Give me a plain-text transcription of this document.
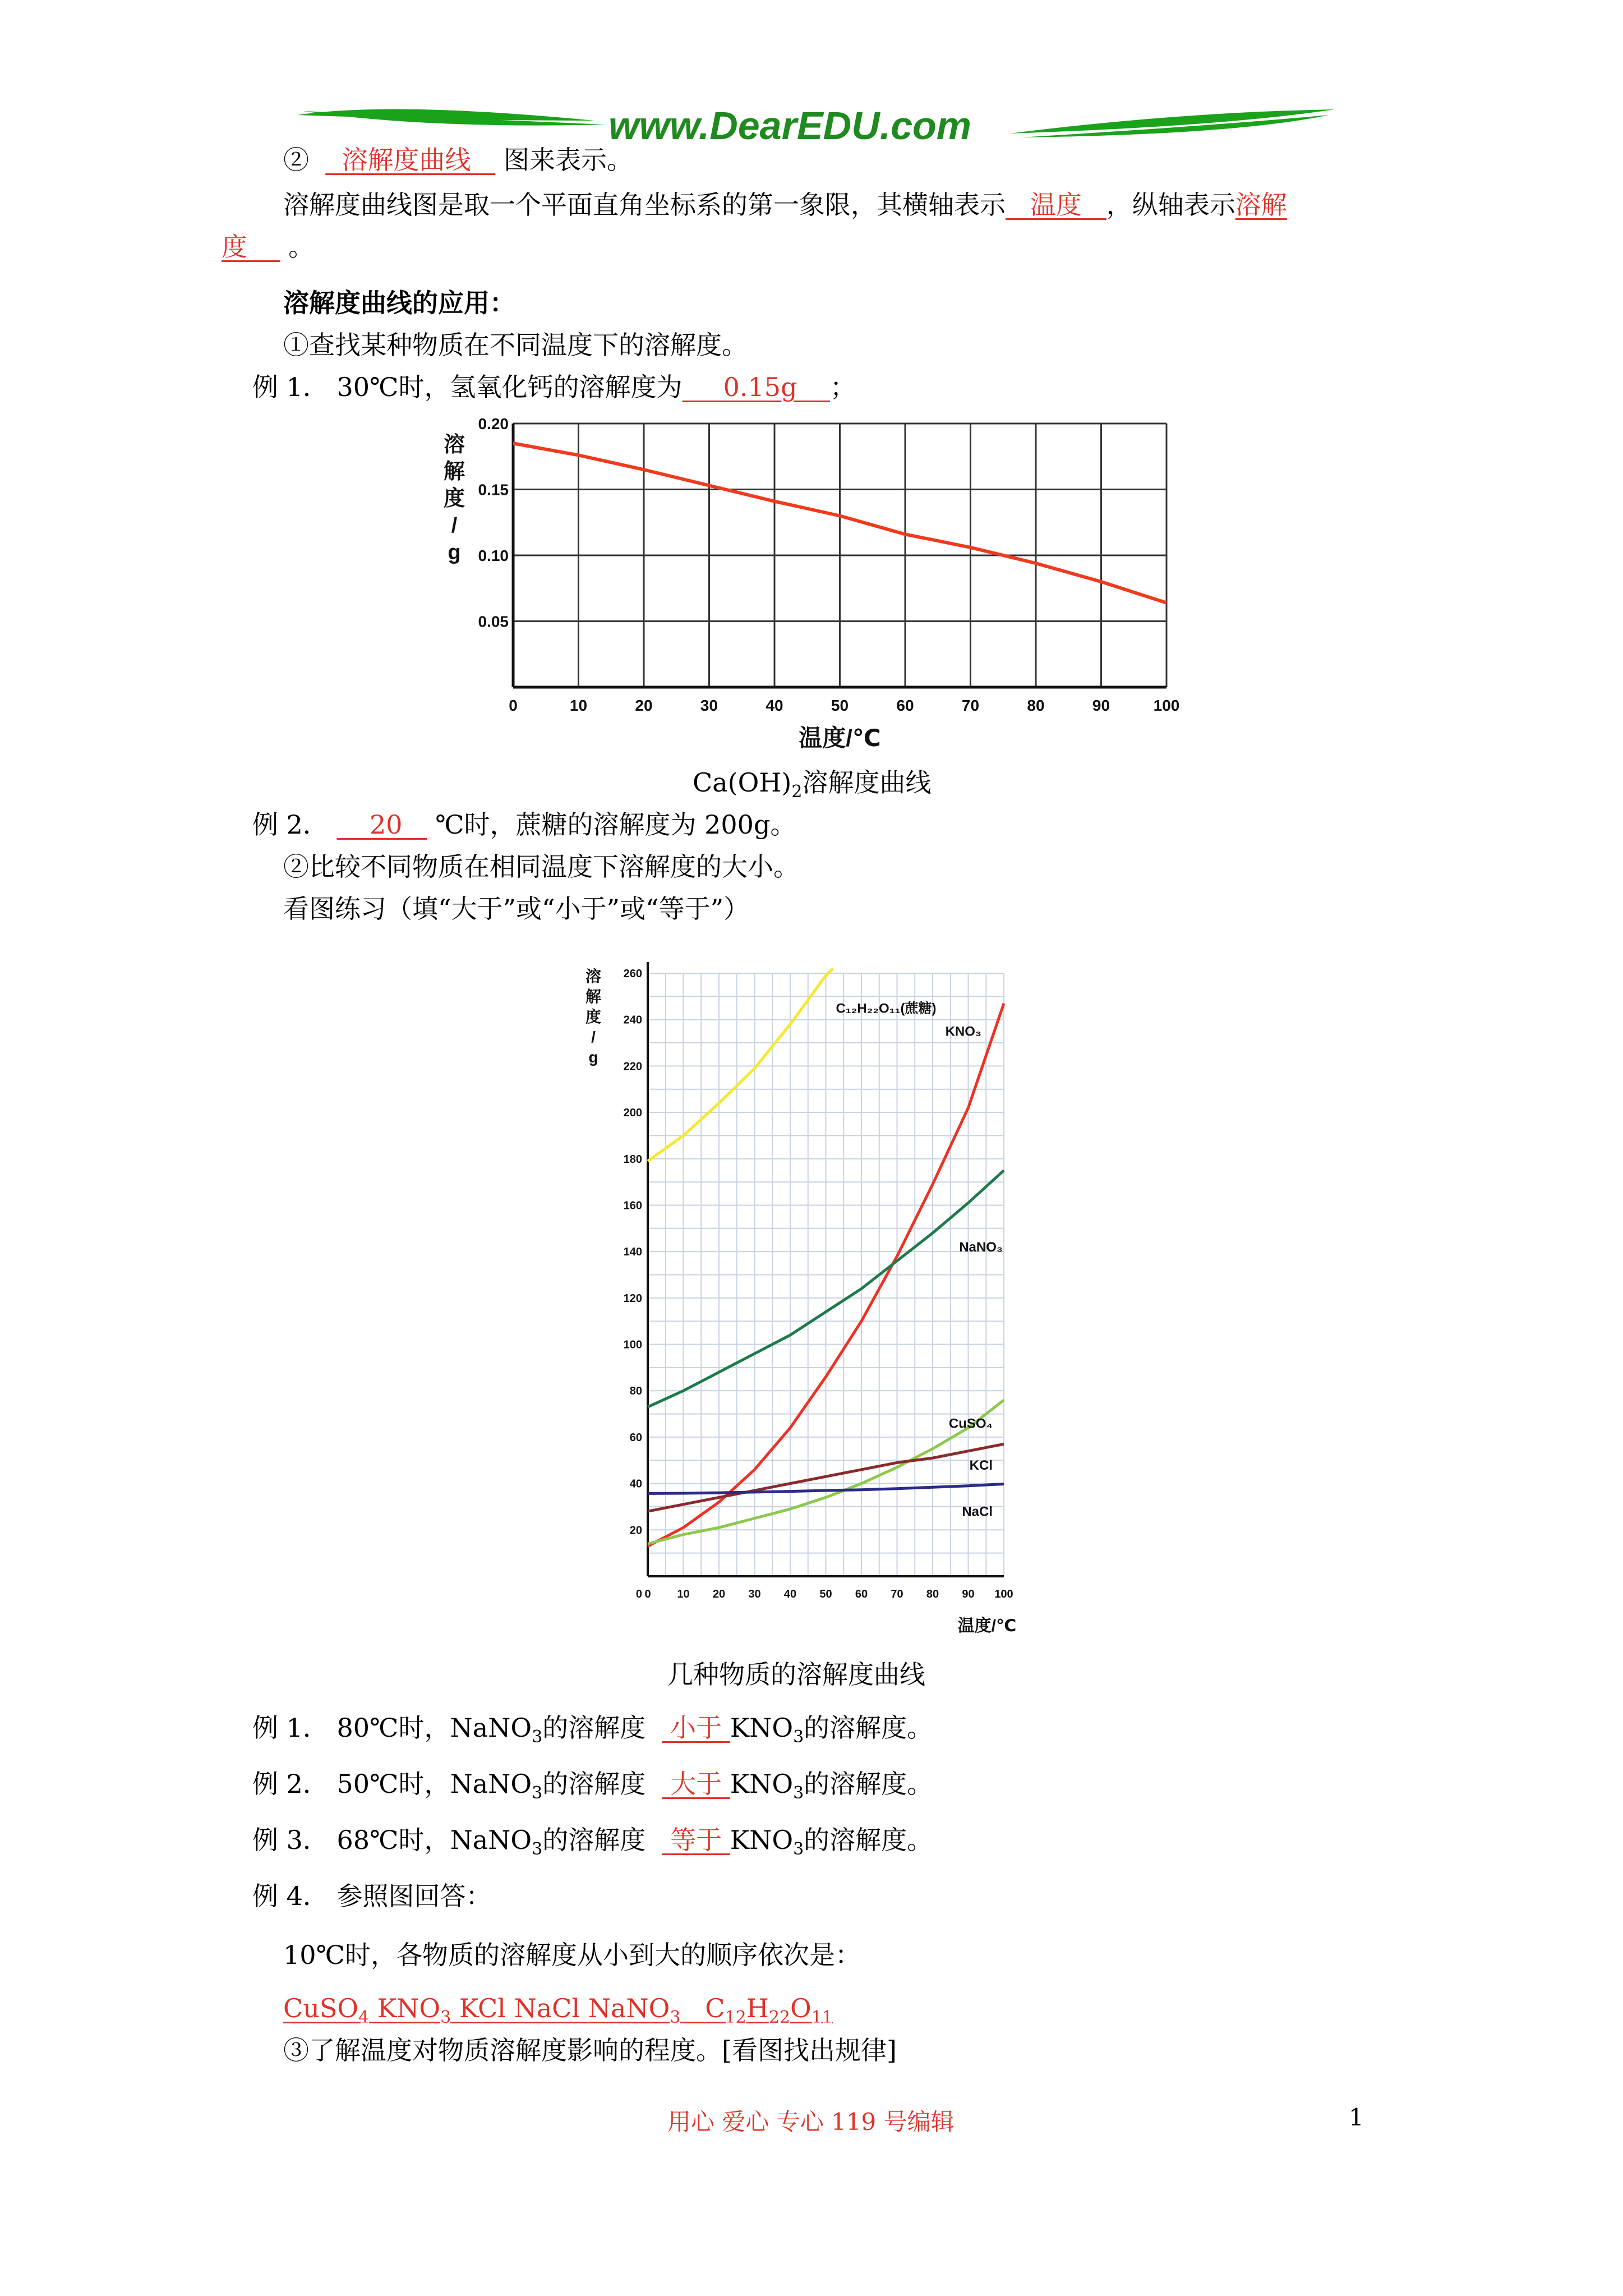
www.DearEDU.com
② 溶解度曲线 图来表示。
溶解度曲线图是取一个平面直角坐标系的第一象限，其横轴表示 温度 ，纵轴表示溶解
度 。
溶解度曲线的应用：
①查找某种物质在不同温度下的溶解度。
例 1． 30℃时，氢氧化钙的溶解度为 0.15g ；
0	10	20	30	40	50	60	70	80	90	100
0.05
0.10
0.15
0.20
溶
解
度
/
g
温度/℃
$Ca(OH)_2$溶解度曲线
例 2． 20 ℃时，蔗糖的溶解度为 200g。
②比较不同物质在相同温度下溶解度的大小。
看图练习（填“大于”或“小于”或“等于”）
0 10 20 30 40 50 60 70 80 90 100
20
40
60
80
100
120
140
160
180
200
220
240
260
0
溶
解
度
/
g
温度/℃
C₁₂H₂₂O₁₁(蔗糖)
KNO₃
NaNO₃
CuSO₄
KCl
NaCl
几种物质的溶解度曲线
例 1． 80℃时，NaNO$_3$的溶解度 小于 $KNO_3$的溶解度。
例 2． 50℃时，NaNO$_3$的溶解度 大于 $KNO_3$的溶解度。
例 3． 68℃时，NaNO$_3$的溶解度 等于 $KNO_3$的溶解度。
例 4． 参照图回答：
10℃时，各物质的溶解度从小到大的顺序依次是：
CuSO$_4$ $KNO_3$ KCl NaCl NaNO$_3$ $C_{12}H_{22}O_{11}$
③了解温度对物质溶解度影响的程度。[看图找出规律]
用心 爱心 专心 119 号编辑	1
